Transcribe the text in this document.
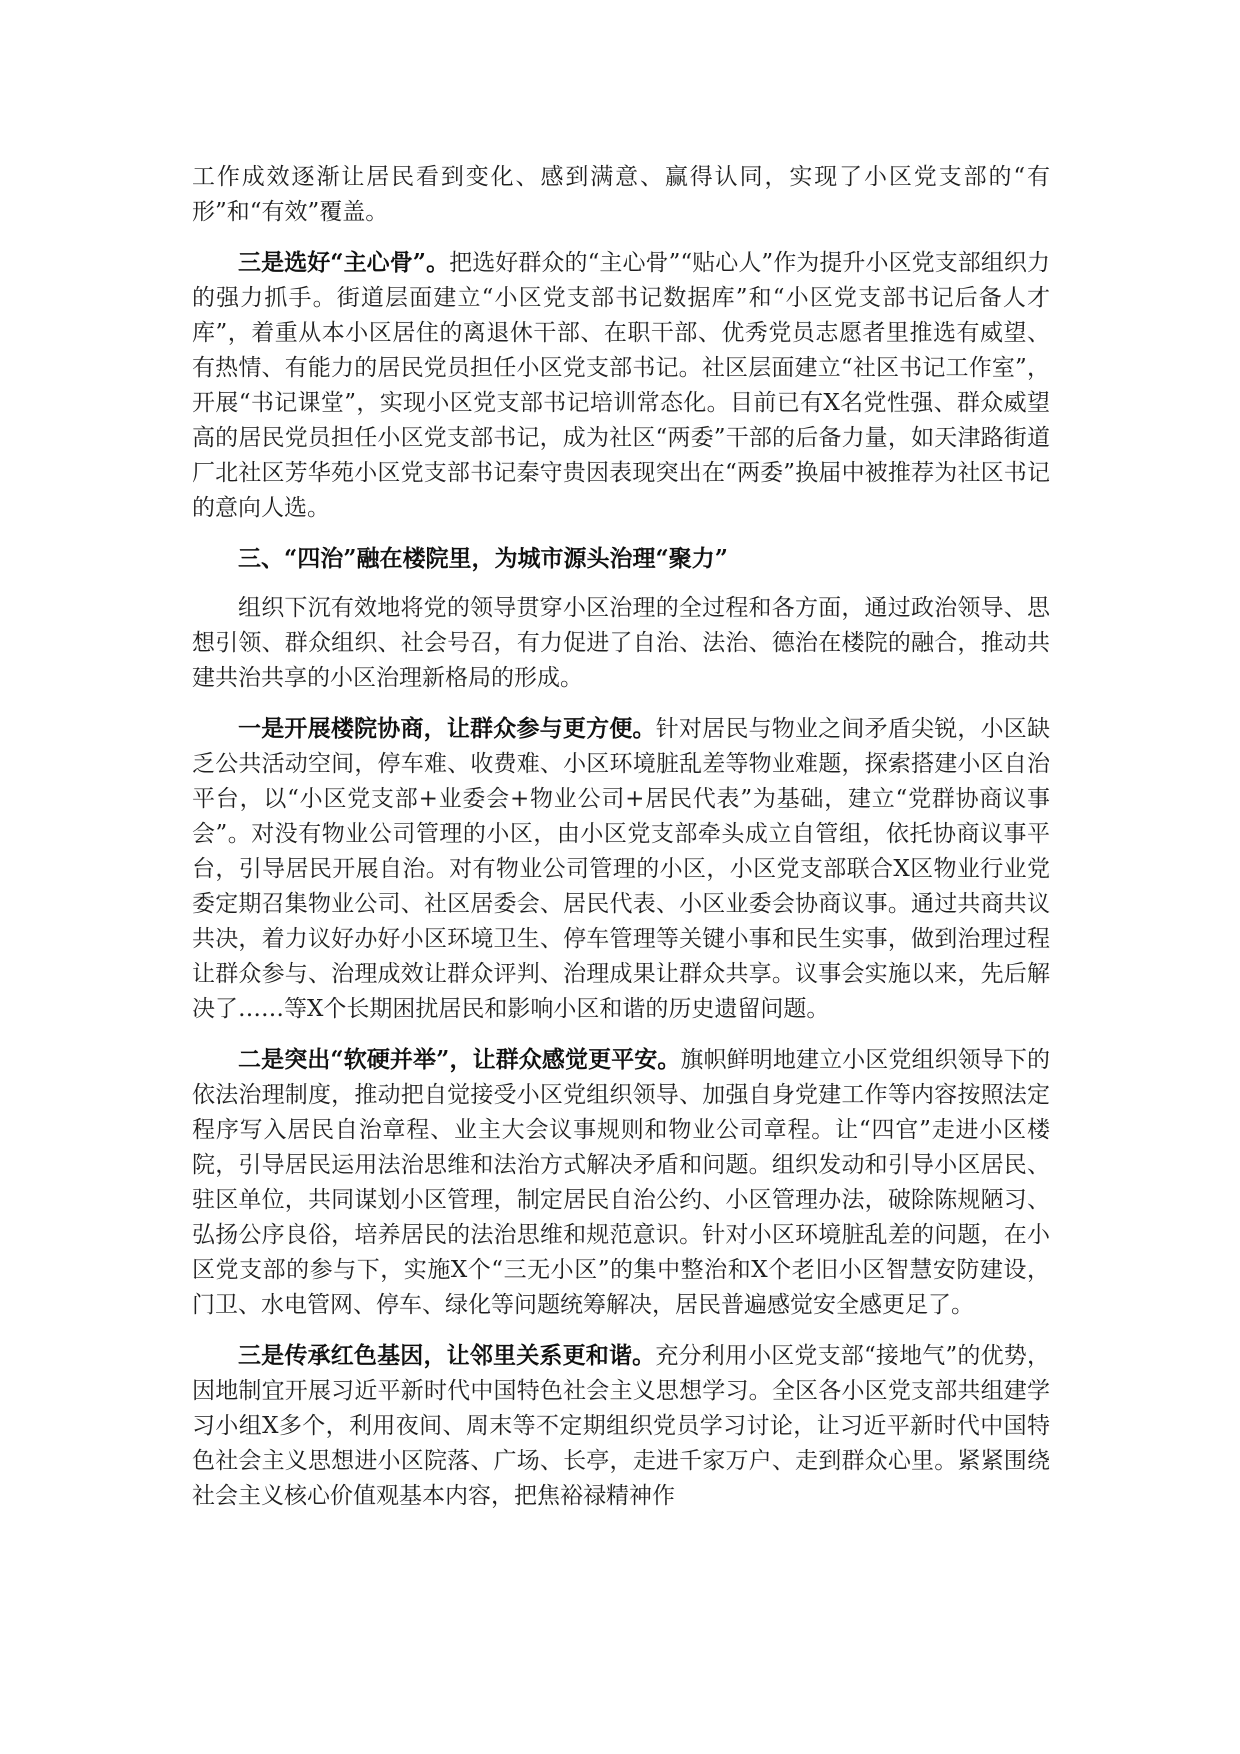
工作成效逐渐让居民看到变化、感到满意、赢得认同，实现了小区党支部的“有形”和“有效”覆盖。

三是选好“主心骨”。把选好群众的“主心骨”“贴心人”作为提升小区党支部组织力的强力抓手。街道层面建立“小区党支部书记数据库”和“小区党支部书记后备人才库”，着重从本小区居住的离退休干部、在职干部、优秀党员志愿者里推选有威望、有热情、有能力的居民党员担任小区党支部书记。社区层面建立“社区书记工作室”，开展“书记课堂”，实现小区党支部书记培训常态化。目前已有X名党性强、群众威望高的居民党员担任小区党支部书记，成为社区“两委”干部的后备力量，如天津路街道厂北社区芳华苑小区党支部书记秦守贵因表现突出在“两委”换届中被推荐为社区书记的意向人选。

三、“四治”融在楼院里，为城市源头治理“聚力”

组织下沉有效地将党的领导贯穿小区治理的全过程和各方面，通过政治领导、思想引领、群众组织、社会号召，有力促进了自治、法治、德治在楼院的融合，推动共建共治共享的小区治理新格局的形成。

一是开展楼院协商，让群众参与更方便。针对居民与物业之间矛盾尖锐，小区缺乏公共活动空间，停车难、收费难、小区环境脏乱差等物业难题，探索搭建小区自治平台，以“小区党支部+业委会+物业公司+居民代表”为基础，建立“党群协商议事会”。对没有物业公司管理的小区，由小区党支部牵头成立自管组，依托协商议事平台，引导居民开展自治。对有物业公司管理的小区，小区党支部联合X区物业行业党委定期召集物业公司、社区居委会、居民代表、小区业委会协商议事。通过共商共议共决，着力议好办好小区环境卫生、停车管理等关键小事和民生实事，做到治理过程让群众参与、治理成效让群众评判、治理成果让群众共享。议事会实施以来，先后解决了……等X个长期困扰居民和影响小区和谐的历史遗留问题。

二是突出“软硬并举”，让群众感觉更平安。旗帜鲜明地建立小区党组织领导下的依法治理制度，推动把自觉接受小区党组织领导、加强自身党建工作等内容按照法定程序写入居民自治章程、业主大会议事规则和物业公司章程。让“四官”走进小区楼院，引导居民运用法治思维和法治方式解决矛盾和问题。组织发动和引导小区居民、驻区单位，共同谋划小区管理，制定居民自治公约、小区管理办法，破除陈规陋习、弘扬公序良俗，培养居民的法治思维和规范意识。针对小区环境脏乱差的问题，在小区党支部的参与下，实施X个“三无小区”的集中整治和X个老旧小区智慧安防建设，门卫、水电管网、停车、绿化等问题统筹解决，居民普遍感觉安全感更足了。

三是传承红色基因，让邻里关系更和谐。充分利用小区党支部“接地气”的优势，因地制宜开展习近平新时代中国特色社会主义思想学习。全区各小区党支部共组建学习小组X多个，利用夜间、周末等不定期组织党员学习讨论，让习近平新时代中国特色社会主义思想进小区院落、广场、长亭，走进千家万户、走到群众心里。紧紧围绕社会主义核心价值观基本内容，把焦裕禄精神作
